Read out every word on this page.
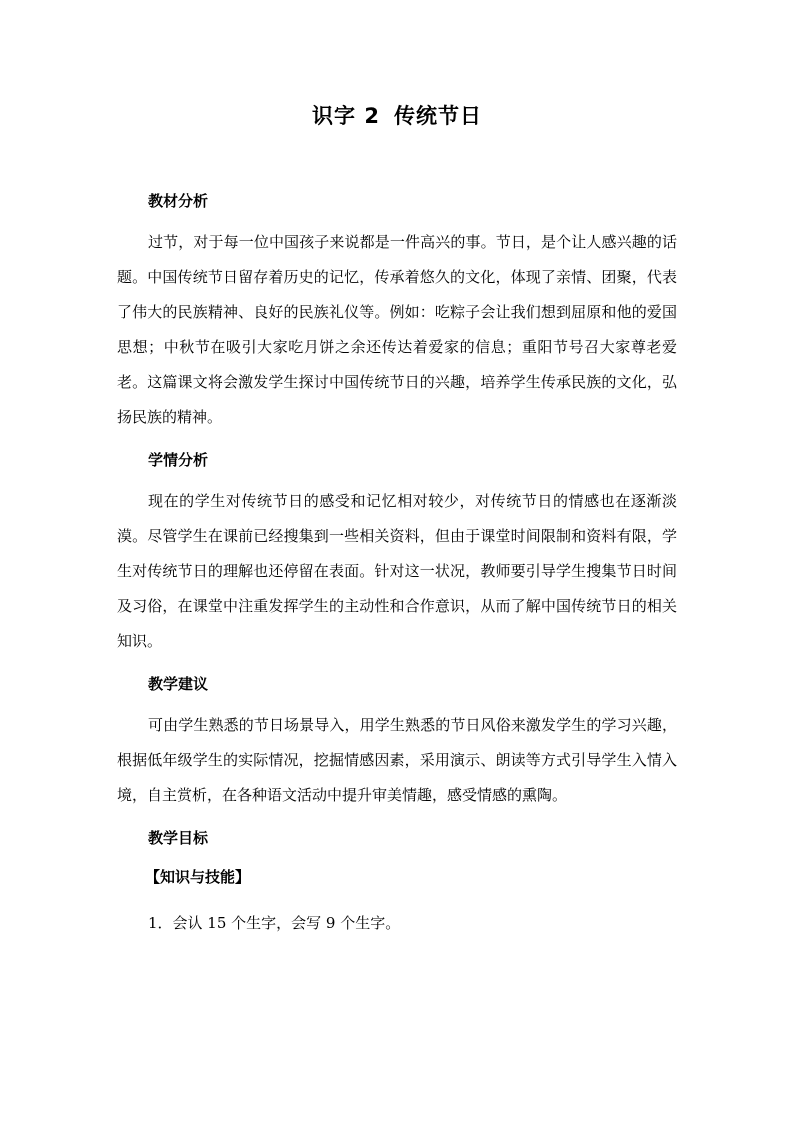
识字 2 传统节日
教材分析

过节，对于每一位中国孩子来说都是一件高兴的事。节日，是个让人感兴趣的话题。中国传统节日留存着历史的记忆，传承着悠久的文化，体现了亲情、团聚，代表了伟大的民族精神、良好的民族礼仪等。例如：吃粽子会让我们想到屈原和他的爱国思想；中秋节在吸引大家吃月饼之余还传达着爱家的信息；重阳节号召大家尊老爱老。这篇课文将会激发学生探讨中国传统节日的兴趣，培养学生传承民族的文化，弘扬民族的精神。

学情分析

现在的学生对传统节日的感受和记忆相对较少，对传统节日的情感也在逐渐淡漠。尽管学生在课前已经搜集到一些相关资料，但由于课堂时间限制和资料有限，学生对传统节日的理解也还停留在表面。针对这一状况，教师要引导学生搜集节日时间及习俗，在课堂中注重发挥学生的主动性和合作意识，从而了解中国传统节日的相关知识。

教学建议

可由学生熟悉的节日场景导入，用学生熟悉的节日风俗来激发学生的学习兴趣，根据低年级学生的实际情况，挖掘情感因素，采用演示、朗读等方式引导学生入情入境，自主赏析，在各种语文活动中提升审美情趣，感受情感的熏陶。

教学目标
【知识与技能】
1．会认 15 个生字，会写 9 个生字。
